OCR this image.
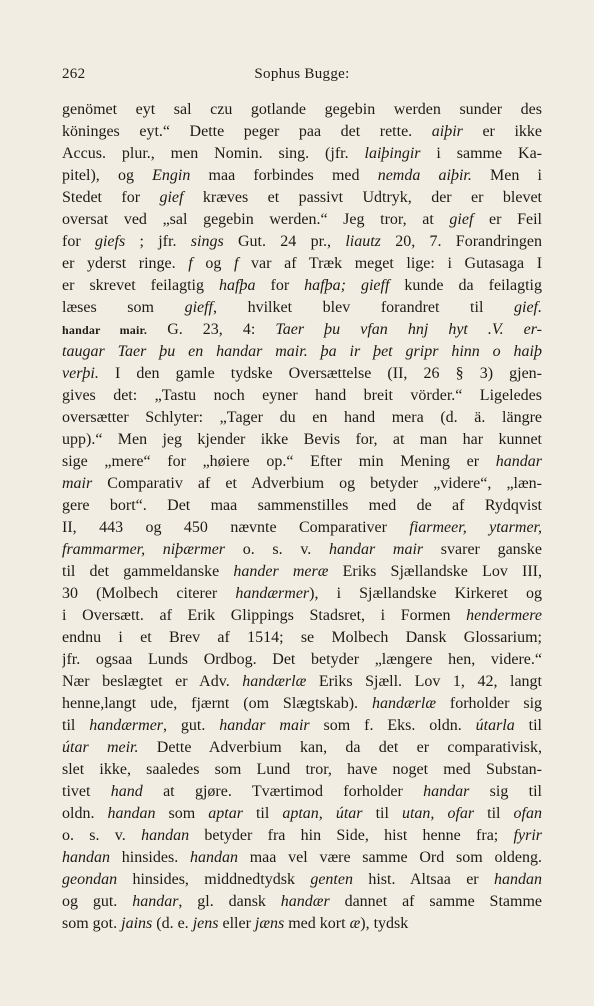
262	Sophus Bugge:
genömet eyt sal czu gotlande gegebin werden sunder des
köninges eyt.“ Dette peger paa det rette. aiþir er ikke
Accus. plur., men Nomin. sing. (jfr. laiþingir i samme Ka-
pitel), og Engin maa forbindes med nemda aiþir. Men i
Stedet for gief kræves et passivt Udtryk, der er blevet
oversat ved „sal gegebin werden.“ Jeg tror, at gief er Feil
for giefs ; jfr. sings Gut. 24 pr., liautz 20, 7. Forandringen
er yderst ringe. f og f var af Træk meget lige: i Gutasaga I
er skrevet feilagtig hafþa for hafþa; gieff kunde da feilagtig
læses som gieff, hvilket blev forandret til gief.
handar mair. G. 23, 4: Taer þu vfan hnj hyt .V. er-
taugar Taer þu en handar mair. þa ir þet gripr hinn o haiþ
verþi. I den gamle tydske Oversættelse (II, 26 § 3) gjen-
gives det: „Tastu noch eyner hand breit vörder.“ Ligeledes
oversætter Schlyter: „Tager du en hand mera (d. ä. längre
upp).“ Men jeg kjender ikke Bevis for, at man har kunnet
sige „mere“ for „høiere op.“ Efter min Mening er handar
mair Comparativ af et Adverbium og betyder „videre“, „læn-
gere bort“. Det maa sammenstilles med de af Rydqvist
II, 443 og 450 nævnte Comparativer fiarmeer, ytarmer,
frammarmer, niþærmer o. s. v. handar mair svarer ganske
til det gammeldanske hander meræ Eriks Sjællandske Lov III,
30 (Molbech citerer handærmer), i Sjællandske Kirkeret og
i Oversætt. af Erik Glippings Stadsret, i Formen hendermere
endnu i et Brev af 1514; se Molbech Dansk Glossarium;
jfr. ogsaa Lunds Ordbog. Det betyder „længere hen, videre.“
Nær beslægtet er Adv. handærlæ Eriks Sjæll. Lov 1, 42, langt
henne,langt ude, fjærnt (om Slægtskab). handærlæ forholder sig
til handærmer, gut. handar mair som f. Eks. oldn. útarla til
útar meir. Dette Adverbium kan, da det er comparativisk,
slet ikke, saaledes som Lund tror, have noget med Substan-
tivet hand at gjøre. Tværtimod forholder handar sig til
oldn. handan som aptar til aptan, útar til utan, ofar til ofan
o. s. v. handan betyder fra hin Side, hist henne fra; fyrir
handan hinsides. handan maa vel være samme Ord som oldeng.
geondan hinsides, middnedtydsk genten hist. Altsaa er handan
og gut. handar, gl. dansk handær dannet af samme Stamme
som got. jains (d. e. jens eller jæns med kort æ), tydsk
